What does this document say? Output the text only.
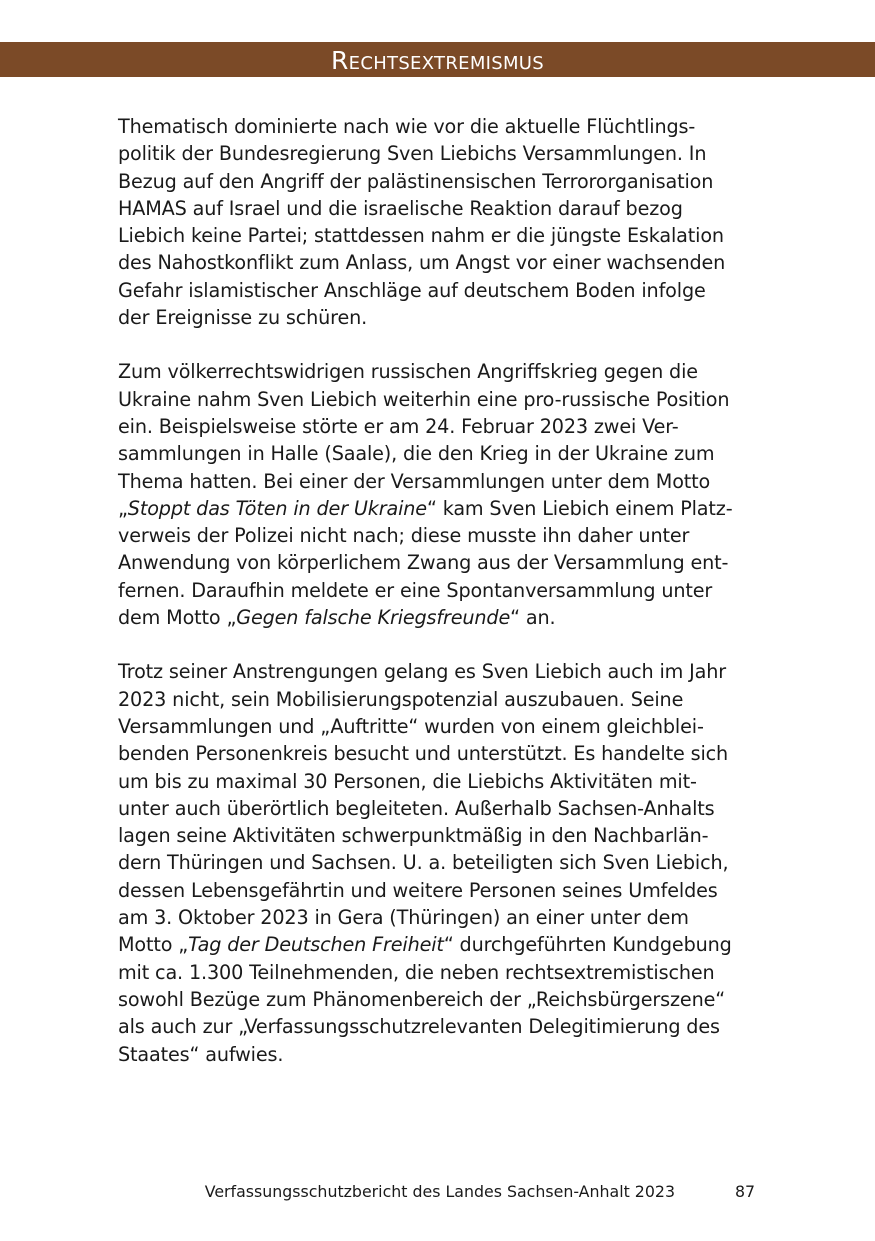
Rechtsextremismus

Thematisch dominierte nach wie vor die aktuelle Flüchtlings-
politik der Bundesregierung Sven Liebichs Versammlungen. In
Bezug auf den Angriff der palästinensischen Terrororganisation
HAMAS auf Israel und die israelische Reaktion darauf bezog
Liebich keine Partei; stattdessen nahm er die jüngste Eskalation
des Nahostkonflikt zum Anlass, um Angst vor einer wachsenden
Gefahr islamistischer Anschläge auf deutschem Boden infolge
der Ereignisse zu schüren.

Zum völkerrechtswidrigen russischen Angriffskrieg gegen die
Ukraine nahm Sven Liebich weiterhin eine pro-russische Position
ein. Beispielsweise störte er am 24. Februar 2023 zwei Ver-
sammlungen in Halle (Saale), die den Krieg in der Ukraine zum
Thema hatten. Bei einer der Versammlungen unter dem Motto
„Stoppt das Töten in der Ukraine“ kam Sven Liebich einem Platz-
verweis der Polizei nicht nach; diese musste ihn daher unter
Anwendung von körperlichem Zwang aus der Versammlung ent-
fernen. Daraufhin meldete er eine Spontanversammlung unter
dem Motto „Gegen falsche Kriegsfreunde“ an.

Trotz seiner Anstrengungen gelang es Sven Liebich auch im Jahr
2023 nicht, sein Mobilisierungspotenzial auszubauen. Seine
Versammlungen und „Auftritte“ wurden von einem gleichblei-
benden Personenkreis besucht und unterstützt. Es handelte sich
um bis zu maximal 30 Personen, die Liebichs Aktivitäten mit-
unter auch überörtlich begleiteten. Außerhalb Sachsen-Anhalts
lagen seine Aktivitäten schwerpunktmäßig in den Nachbarlän-
dern Thüringen und Sachsen. U. a. beteiligten sich Sven Liebich,
dessen Lebensgefährtin und weitere Personen seines Umfeldes
am 3. Oktober 2023 in Gera (Thüringen) an einer unter dem
Motto „Tag der Deutschen Freiheit“ durchgeführten Kundgebung
mit ca. 1.300 Teilnehmenden, die neben rechtsextremistischen
sowohl Bezüge zum Phänomenbereich der „Reichsbürgerszene“
als auch zur „Verfassungsschutzrelevanten Delegitimierung des
Staates“ aufwies.

Verfassungsschutzbericht des Landes Sachsen-Anhalt 2023	87
